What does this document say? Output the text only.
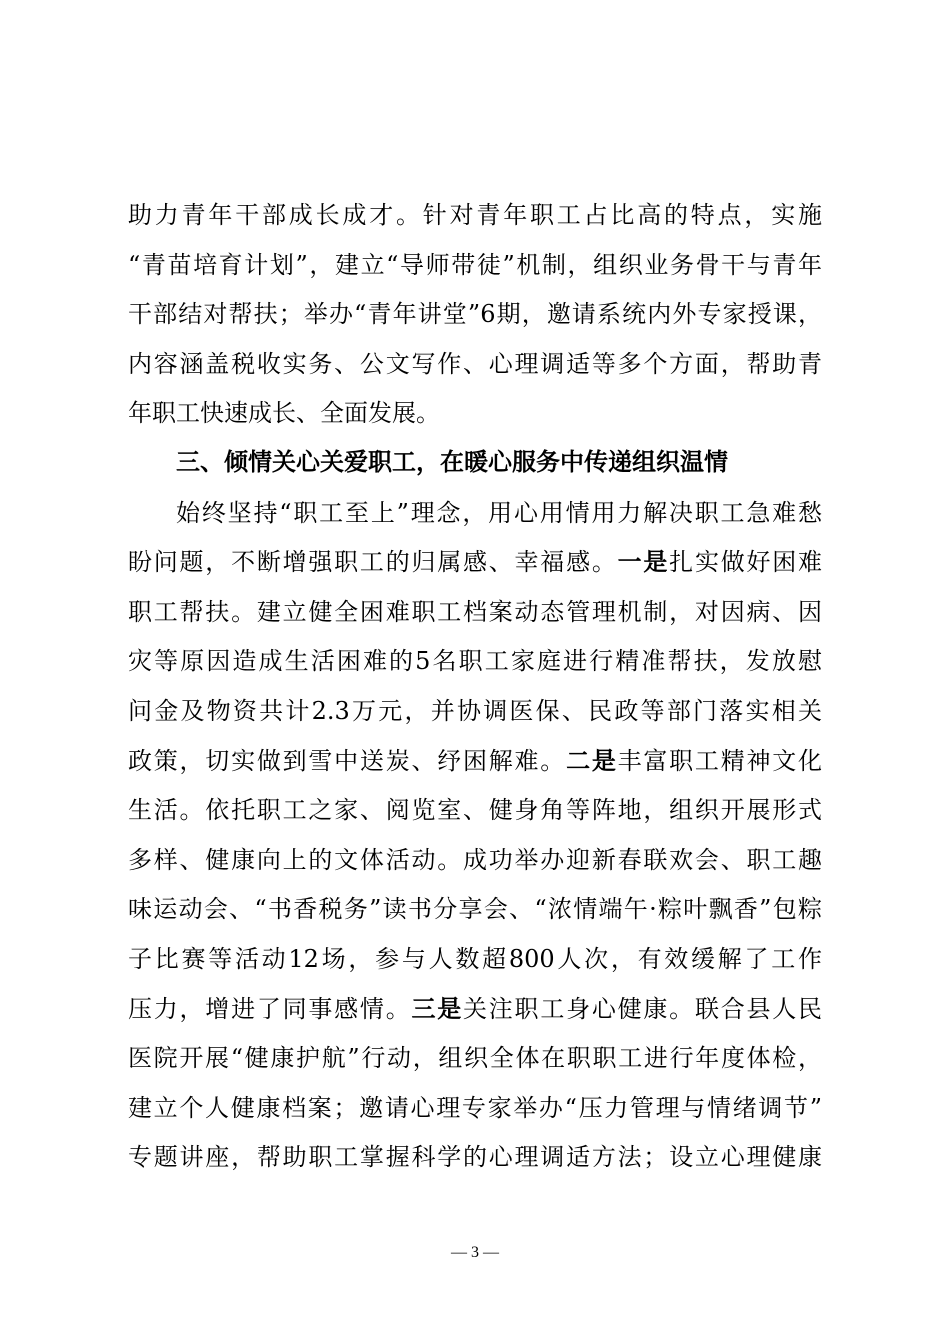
三、倾情关心关爱职工，在暖心服务中传递组织温情
— 3 —
助力青年干部成长成才。针对青年职工占比高的特点，实施
“青苗培育计划”，建立“导师带徒”机制，组织业务骨干与青年
干部结对帮扶；举办“青年讲堂”6期，邀请系统内外专家授课，
内容涵盖税收实务、公文写作、心理调适等多个方面，帮助青
年职工快速成长、全面发展。
始终坚持“职工至上”理念，用心用情用力解决职工急难愁
盼问题，不断增强职工的归属感、幸福感。一是扎实做好困难
职工帮扶。建立健全困难职工档案动态管理机制，对因病、因
灾等原因造成生活困难的5名职工家庭进行精准帮扶，发放慰
问金及物资共计2.3万元，并协调医保、民政等部门落实相关
政策，切实做到雪中送炭、纾困解难。二是丰富职工精神文化
生活。依托职工之家、阅览室、健身角等阵地，组织开展形式
多样、健康向上的文体活动。成功举办迎新春联欢会、职工趣
味运动会、“书香税务”读书分享会、“浓情端午·粽叶飘香”包粽
子比赛等活动12场，参与人数超800人次，有效缓解了工作
压力，增进了同事感情。三是关注职工身心健康。联合县人民
医院开展“健康护航”行动，组织全体在职职工进行年度体检，
建立个人健康档案；邀请心理专家举办“压力管理与情绪调节”
专题讲座，帮助职工掌握科学的心理调适方法；设立心理健康
